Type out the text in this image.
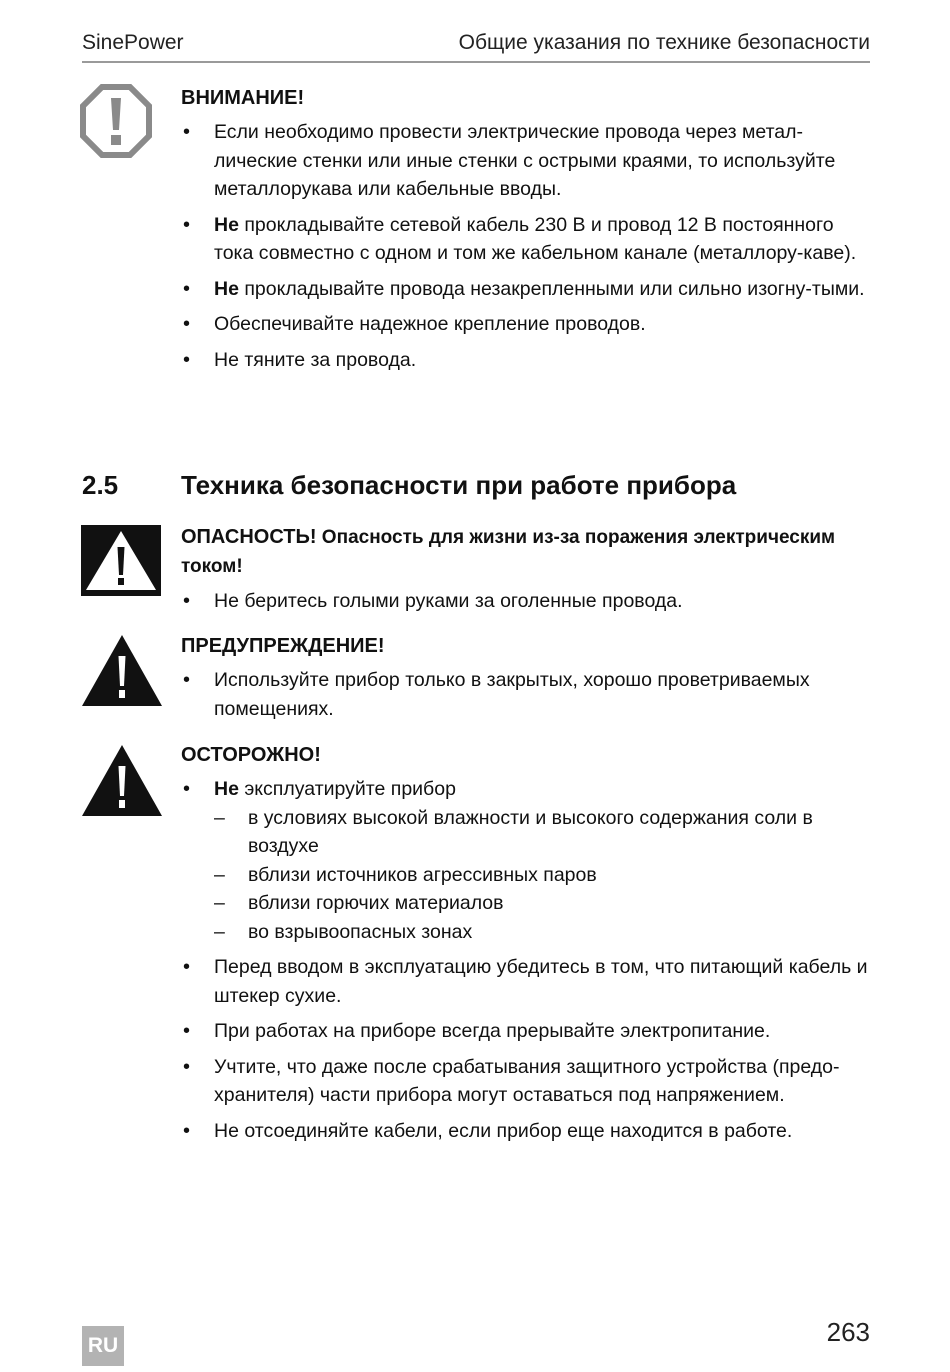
SinePower	Общие указания по технике безопасности
ВНИМАНИЕ!
• Если необходимо провести электрические провода через метал-лические стенки или иные стенки с острыми краями, то используйте металлорукава или кабельные вводы.
• Не прокладывайте сетевой кабель 230 В и провод 12 В постоянного тока совместно с одном и том же кабельном канале (металлору-каве).
• Не прокладывайте провода незакрепленными или сильно изогну-тыми.
• Обеспечивайте надежное крепление проводов.
• Не тяните за провода.
2.5 Техника безопасности при работе прибора
ОПАСНОСТЬ! Опасность для жизни из-за поражения электрическим током!
• Не беритесь голыми руками за оголенные провода.
ПРЕДУПРЕЖДЕНИЕ!
• Используйте прибор только в закрытых, хорошо проветриваемых помещениях.
ОСТОРОЖНО!
• Не эксплуатируйте прибор
– в условиях высокой влажности и высокого содержания соли в воздухе
– вблизи источников агрессивных паров
– вблизи горючих материалов
– во взрывоопасных зонах
• Перед вводом в эксплуатацию убедитесь в том, что питающий кабель и штекер сухие.
• При работах на приборе всегда прерывайте электропитание.
• Учтите, что даже после срабатывания защитного устройства (предо-хранителя) части прибора могут оставаться под напряжением.
• Не отсоединяйте кабели, если прибор еще находится в работе.
RU	263
